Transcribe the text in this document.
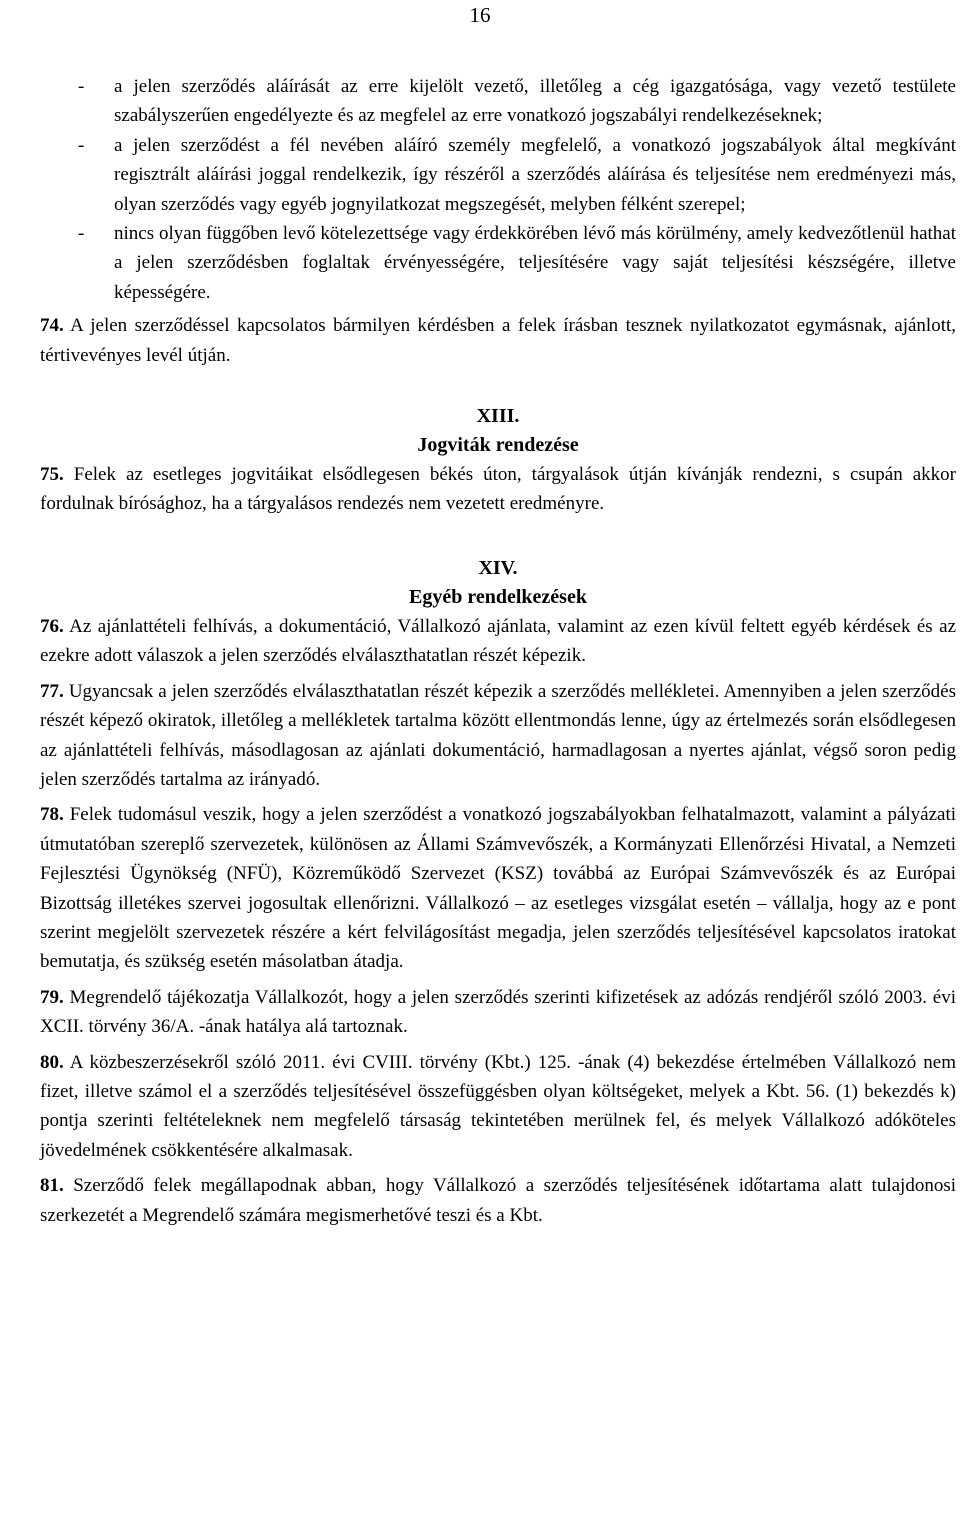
16
- a jelen szerződés aláírását az erre kijelölt vezető, illetőleg a cég igazgatósága, vagy vezető testülete szabályszerűen engedélyezte és az megfelel az erre vonatkozó jogszabályi rendelkezéseknek;
- a jelen szerződést a fél nevében aláíró személy megfelelő, a vonatkozó jogszabályok által megkívánt regisztrált aláírási joggal rendelkezik, így részéről a szerződés aláírása és teljesítése nem eredményezi más, olyan szerződés vagy egyéb jognyilatkozat megszegését, melyben félként szerepel;
- nincs olyan függőben levő kötelezettsége vagy érdekkörében lévő más körülmény, amely kedvezőtlenül hathat a jelen szerződésben foglaltak érvényességére, teljesítésére vagy saját teljesítési készségére, illetve képességére.
74. A jelen szerződéssel kapcsolatos bármilyen kérdésben a felek írásban tesznek nyilatkozatot egymásnak, ajánlott, tértivevényes levél útján.
XIII.
Jogviták rendezése
75. Felek az esetleges jogvitáikat elsődlegesen békés úton, tárgyalások útján kívánják rendezni, s csupán akkor fordulnak bírósághoz, ha a tárgyalásos rendezés nem vezetett eredményre.
XIV.
Egyéb rendelkezések
76. Az ajánlattételi felhívás, a dokumentáció, Vállalkozó ajánlata, valamint az ezen kívül feltett egyéb kérdések és az ezekre adott válaszok a jelen szerződés elválaszthatatlan részét képezik.
77. Ugyancsak a jelen szerződés elválaszthatatlan részét képezik a szerződés mellékletei. Amennyiben a jelen szerződés részét képező okiratok, illetőleg a mellékletek tartalma között ellentmondás lenne, úgy az értelmezés során elsődlegesen az ajánlattételi felhívás, másodlagosan az ajánlati dokumentáció, harmadlagosan a nyertes ajánlat, végső soron pedig jelen szerződés tartalma az irányadó.
78. Felek tudomásul veszik, hogy a jelen szerződést a vonatkozó jogszabályokban felhatalmazott, valamint a pályázati útmutatóban szereplő szervezetek, különösen az Állami Számvevőszék, a Kormányzati Ellenőrzési Hivatal, a Nemzeti Fejlesztési Ügynökség (NFÜ), Közreműködő Szervezet (KSZ) továbbá az Európai Számvevőszék és az Európai Bizottság illetékes szervei jogosultak ellenőrizni. Vállalkozó – az esetleges vizsgálat esetén – vállalja, hogy az e pont szerint megjelölt szervezetek részére a kért felvilágosítást megadja, jelen szerződés teljesítésével kapcsolatos iratokat bemutatja, és szükség esetén másolatban átadja.
79. Megrendelő tájékozatja Vállalkozót, hogy a jelen szerződés szerinti kifizetések az adózás rendjéről szóló 2003. évi XCII. törvény 36/A. -ának hatálya alá tartoznak.
80. A közbeszerzésekről szóló 2011. évi CVIII. törvény (Kbt.) 125. -ának (4) bekezdése értelmében Vállalkozó nem fizet, illetve számol el a szerződés teljesítésével összefüggésben olyan költségeket, melyek a Kbt. 56. (1) bekezdés k) pontja szerinti feltételeknek nem megfelelő társaság tekintetében merülnek fel, és melyek Vállalkozó adóköteles jövedelmének csökkentésére alkalmasak.
81. Szerződő felek megállapodnak abban, hogy Vállalkozó a szerződés teljesítésének időtartama alatt tulajdonosi szerkezetét a Megrendelő számára megismerhetővé teszi és a Kbt.
